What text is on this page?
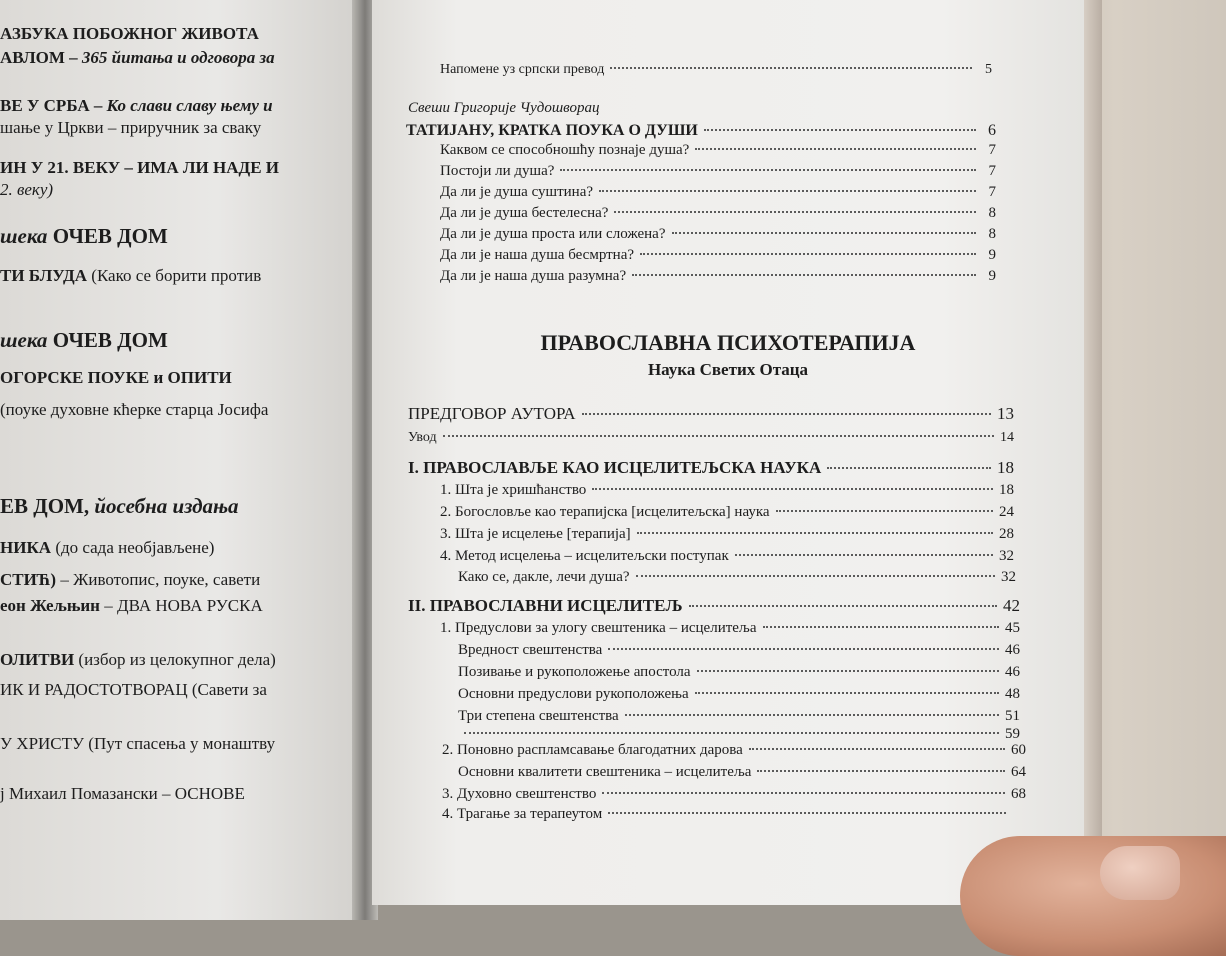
АЗБУКА ПОБОЖНОГ ЖИВОТА
АВЛОМ – 365 йитања и одговора за
ВЕ У СРБА – Ко слави славу њему и
шање у Цркви – приручник за сваку
ИН У 21. ВЕКУ – ИМА ЛИ НАДЕ И
2. веку)
шека ОЧЕВ ДОМ
ТИ БЛУДА (Како се борити против
шека ОЧЕВ ДОМ
ОГОРСКЕ ПОУКЕ и ОПИТИ
(поуке духовне кћерке старца Јосифа
ЕВ ДОМ, йосебна издања
НИКА (до сада необјављене)
СТИЋ) – Животопис, поуке, савети
еон Жељњин – ДВА НОВА РУСКА
ОЛИТВИ (избор из целокупног дела)
ИК И РАДОСТОТВОРАЦ (Савети за
У ХРИСТУ (Пут спасења у монаштву
ј Михаил Помазански – ОСНОВЕ
Напомене уз српски превод	5
Свеши Григорије Чудошворац
ТАТИЈАНУ, КРАТКА ПОУКА О ДУШИ	6
Каквом се способношћу познаје душа?	7
Постоји ли душа?	7
Да ли је душа суштина?	7
Да ли је душа бестелесна?	8
Да ли је душа проста или сложена?	8
Да ли је наша душа бесмртна?	9
Да ли је наша душа разумна?	9
ПРАВОСЛАВНА ПСИХОТЕРАПИЈА
Наука Светих Отаца
ПРЕДГОВОР АУТОРА	13
Увод	14
I. ПРАВОСЛАВЉЕ КАО ИСЦЕЛИТЕЉСКА НАУКА	18
1. Шта је хришћанство	18
2. Богословље као терапијска [исцелитељска] наука	24
3. Шта је исцелење [терапија]	28
4. Метод исцелења – исцелитељски поступак	32
Како се, дакле, лечи душа?	32
II. ПРАВОСЛАВНИ ИСЦЕЛИТЕЉ	42
1. Предуслови за улогу свештеника – исцелитеља	45
Вредност свештенства	46
Позивање и рукоположење апостола	46
Основни предуслови рукоположења	48
Три степена свештенства	51
59
2. Поновно распламсавање благодатних дарова	60
Основни квалитети свештеника – исцелитеља	64
3. Духовно свештенство	68
4. Трагање за терапеутом
